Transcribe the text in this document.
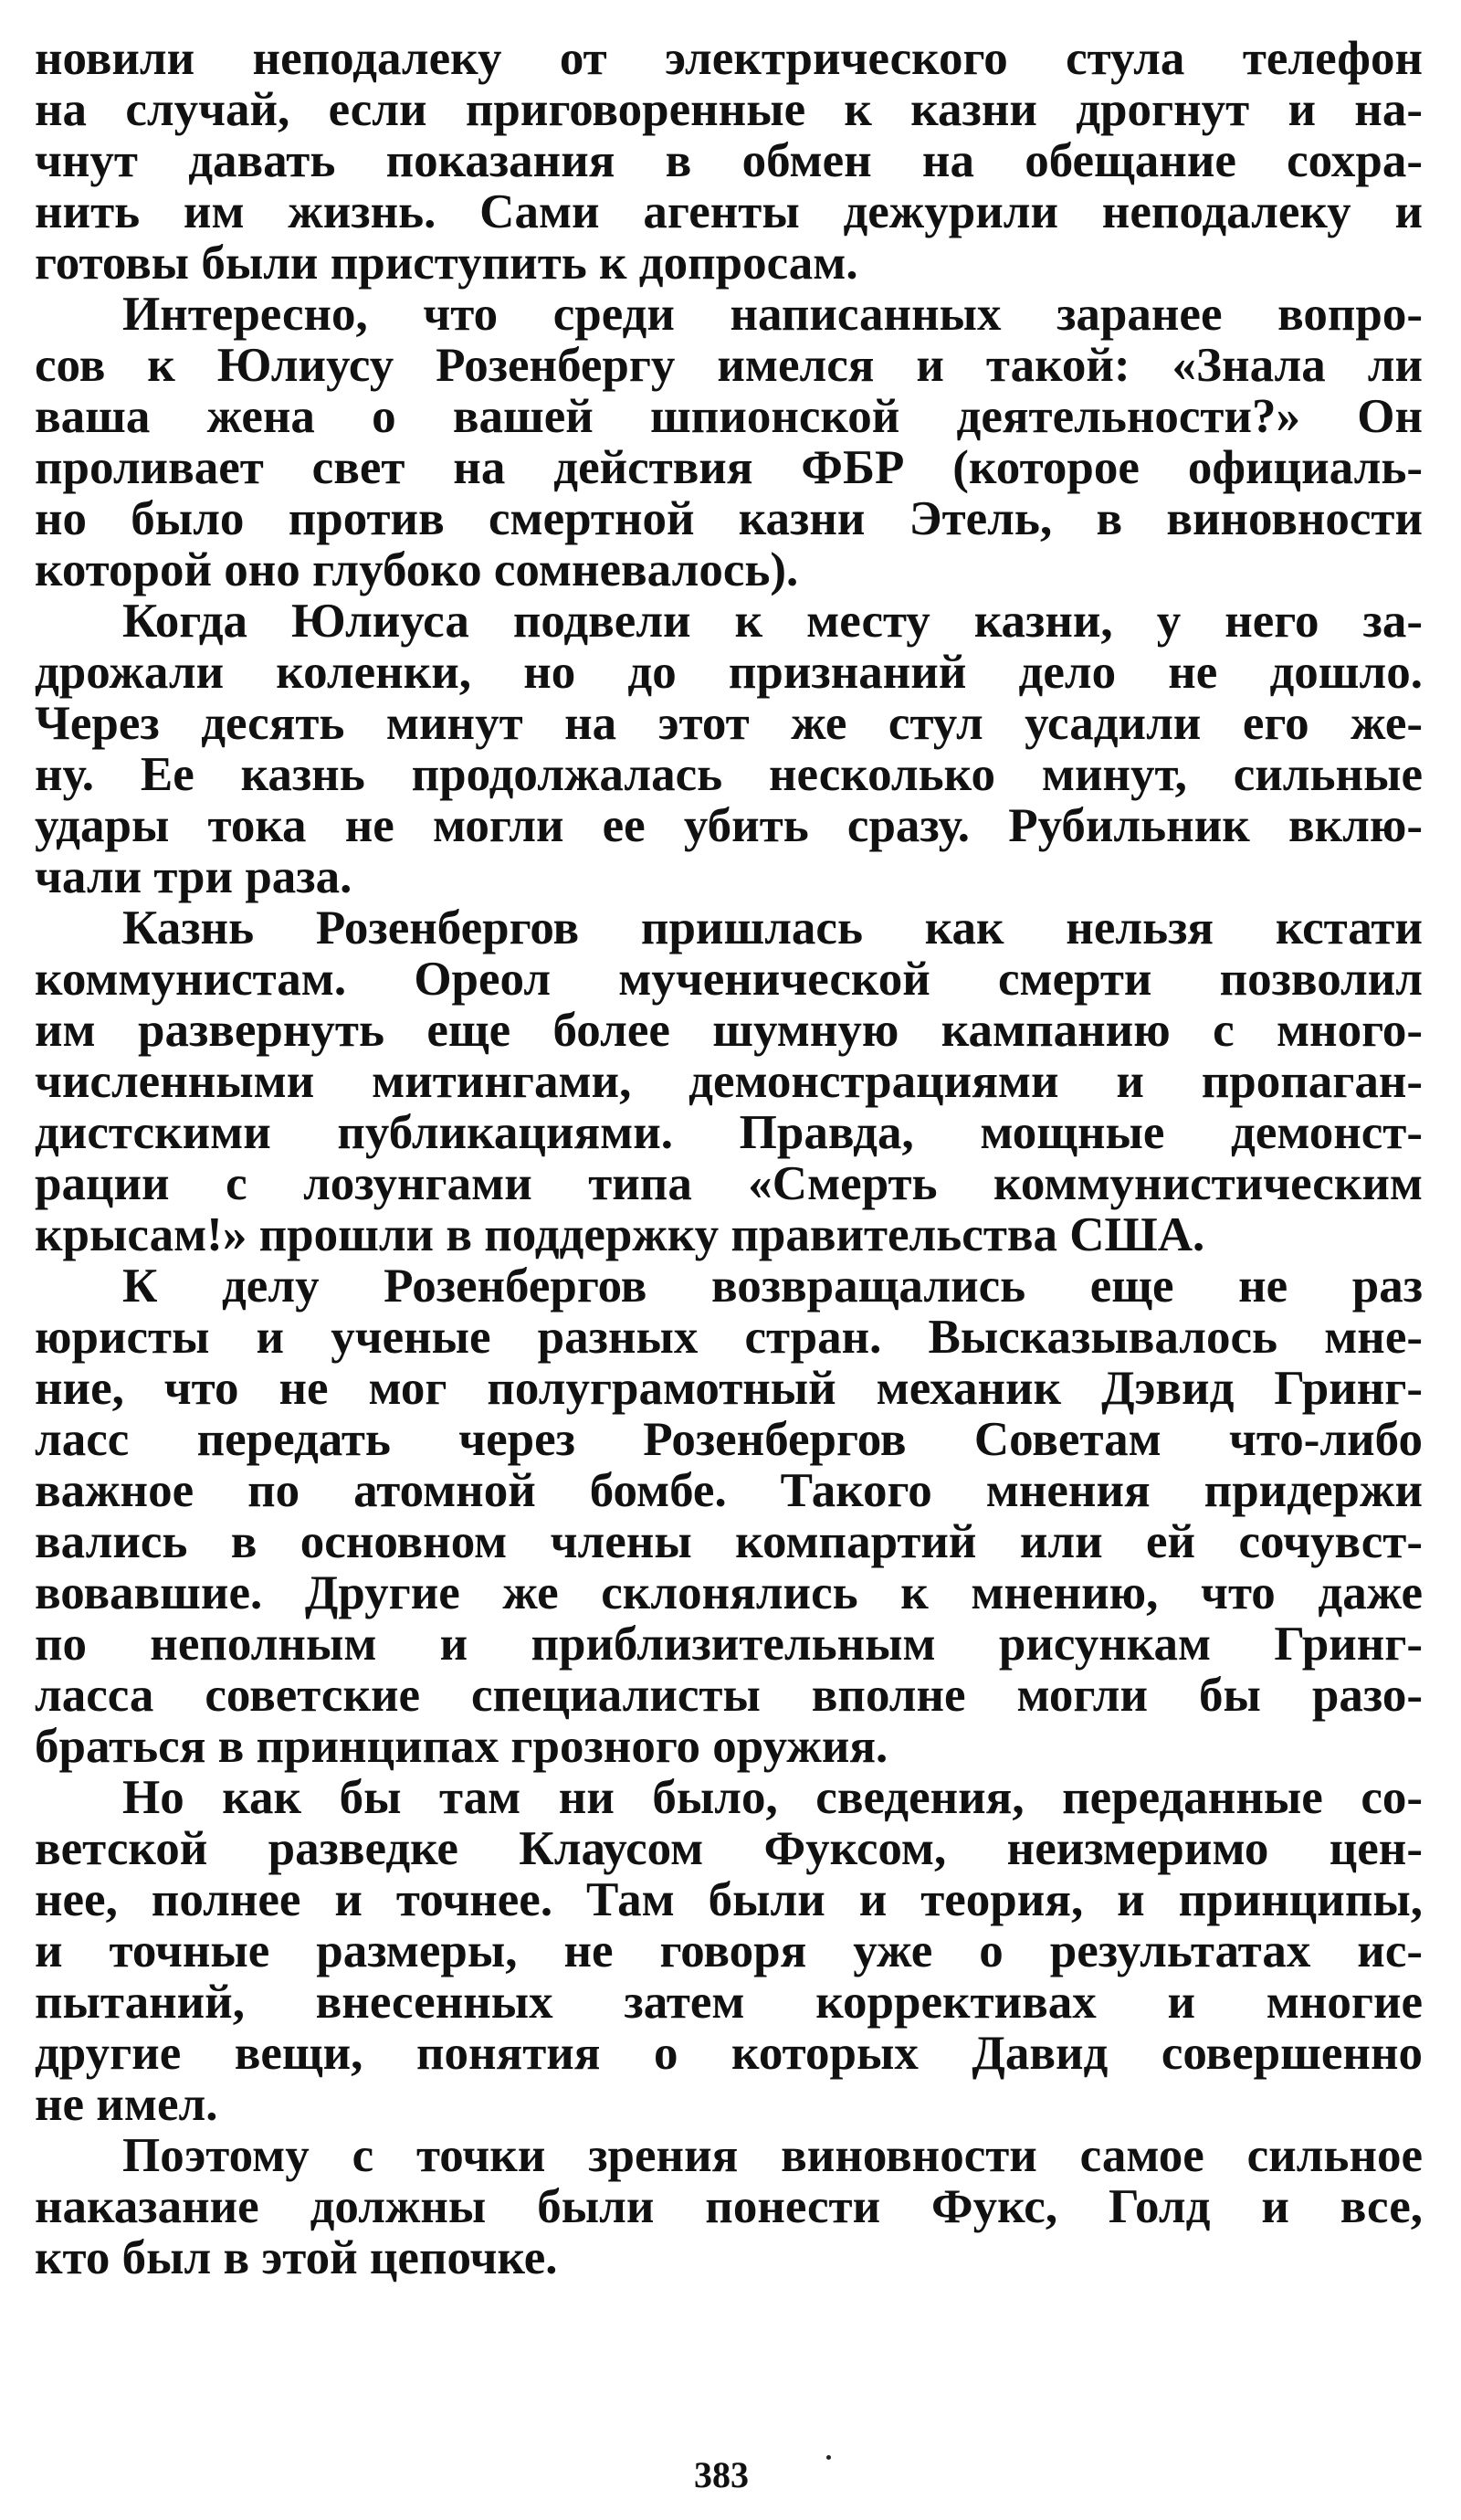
новили неподалеку от электрического стула телефон
на случай, если приговоренные к казни дрогнут и на-
чнут давать показания в обмен на обещание сохра-
нить им жизнь. Сами агенты дежурили неподалеку и
готовы были приступить к допросам.
Интересно, что среди написанных заранее вопро-
сов к Юлиусу Розенбергу имелся и такой: «Знала ли
ваша жена о вашей шпионской деятельности?» Он
проливает свет на действия ФБР (которое официаль-
но было против смертной казни Этель, в виновности
которой оно глубоко сомневалось).
Когда Юлиуса подвели к месту казни, у него за-
дрожали коленки, но до признаний дело не дошло.
Через десять минут на этот же стул усадили его же-
ну. Ее казнь продолжалась несколько минут, сильные
удары тока не могли ее убить сразу. Рубильник вклю-
чали три раза.
Казнь Розенбергов пришлась как нельзя кстати
коммунистам. Ореол мученической смерти позволил
им развернуть еще более шумную кампанию с много-
численными митингами, демонстрациями и пропаган-
дистскими публикациями. Правда, мощные демонст-
рации с лозунгами типа «Смерть коммунистическим
крысам!» прошли в поддержку правительства США.
К делу Розенбергов возвращались еще не раз
юристы и ученые разных стран. Высказывалось мне-
ние, что не мог полуграмотный механик Дэвид Гринг-
ласс передать через Розенбергов Советам что-либо
важное по атомной бомбе. Такого мнения придержи
вались в основном члены компартий или ей сочувст-
вовавшие. Другие же склонялись к мнению, что даже
по неполным и приблизительным рисункам Гринг-
ласса советские специалисты вполне могли бы разо-
браться в принципах грозного оружия.
Но как бы там ни было, сведения, переданные со-
ветской разведке Клаусом Фуксом, неизмеримо цен-
нее, полнее и точнее. Там были и теория, и принципы,
и точные размеры, не говоря уже о результатах ис-
пытаний, внесенных затем коррективах и многие
другие вещи, понятия о которых Давид совершенно
не имел.
Поэтому с точки зрения виновности самое сильное
наказание должны были понести Фукс, Голд и все,
кто был в этой цепочке.
383
